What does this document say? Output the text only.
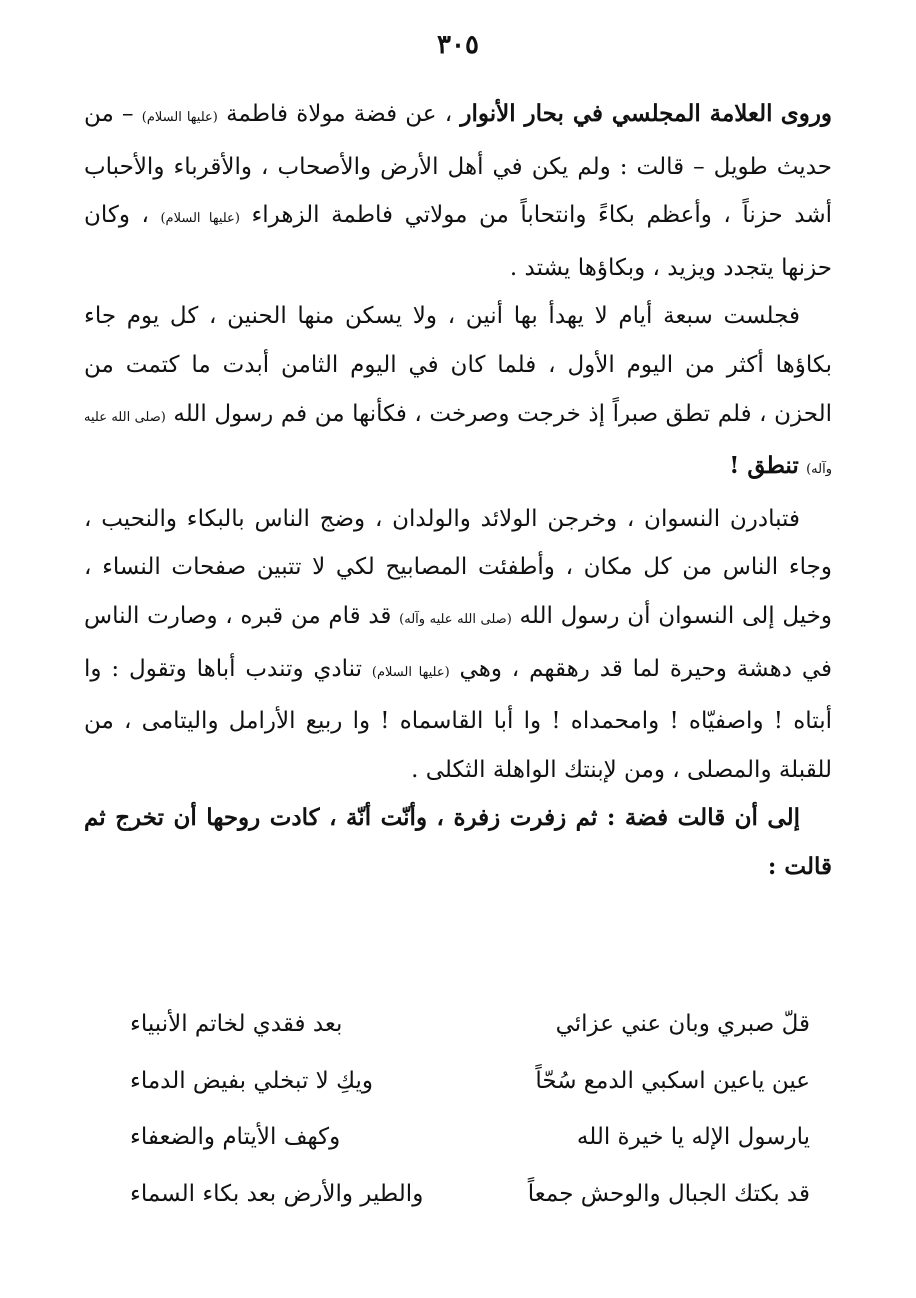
٣٠٥

وروى العلامة المجلسي في بحار الأنوار ، عن فضة مولاة فاطمة (عليها السلام) – من حديث طويل – قالت : ولم يكن في أهل الأرض والأصحاب ، والأقرباء والأحباب أشد حزناً ، وأعظم بكاءً وانتحاباً من مولاتي فاطمة الزهراء (عليها السلام) ، وكان حزنها يتجدد ويزيد ، وبكاؤها يشتد .

فجلست سبعة أيام لا يهدأ بها أنين ، ولا يسكن منها الحنين ، كل يوم جاء بكاؤها أكثر من اليوم الأول ، فلما كان في اليوم الثامن أبدت ما كتمت من الحزن ، فلم تطق صبراً إذ خرجت وصرخت ، فكأنها من فم رسول الله (صلى الله عليه وآله) تنطق !

فتبادرن النسوان ، وخرجن الولائد والولدان ، وضج الناس بالبكاء والنحيب ، وجاء الناس من كل مكان ، وأطفئت المصابيح لكي لا تتبين صفحات النساء ، وخيل إلى النسوان أن رسول الله (صلى الله عليه وآله) قد قام من قبره ، وصارت الناس في دهشة وحيرة لما قد رهقهم ، وهي (عليها السلام) تنادي وتندب أباها وتقول : وا أبتاه ! واصفيّاه ! وامحمداه ! وا أبا القاسماه ! وا ربيع الأرامل واليتامى ، من للقبلة والمصلى ، ومن لإبنتك الواهلة الثكلى .

إلى أن قالت فضة : ثم زفرت زفرة ، وأنّت أنّة ، كادت روحها أن تخرج ثم قالت :

قلّ صبري وبان عني عزائي
بعد فقدي لخاتم الأنبياء
عين ياعين اسكبي الدمع سُحّاً
ويكِ لا تبخلي بفيض الدماء
يارسول الإله يا خيرة الله
وكهف الأيتام والضعفاء
قد بكتك الجبال والوحش جمعاً
والطير والأرض بعد بكاء السماء
